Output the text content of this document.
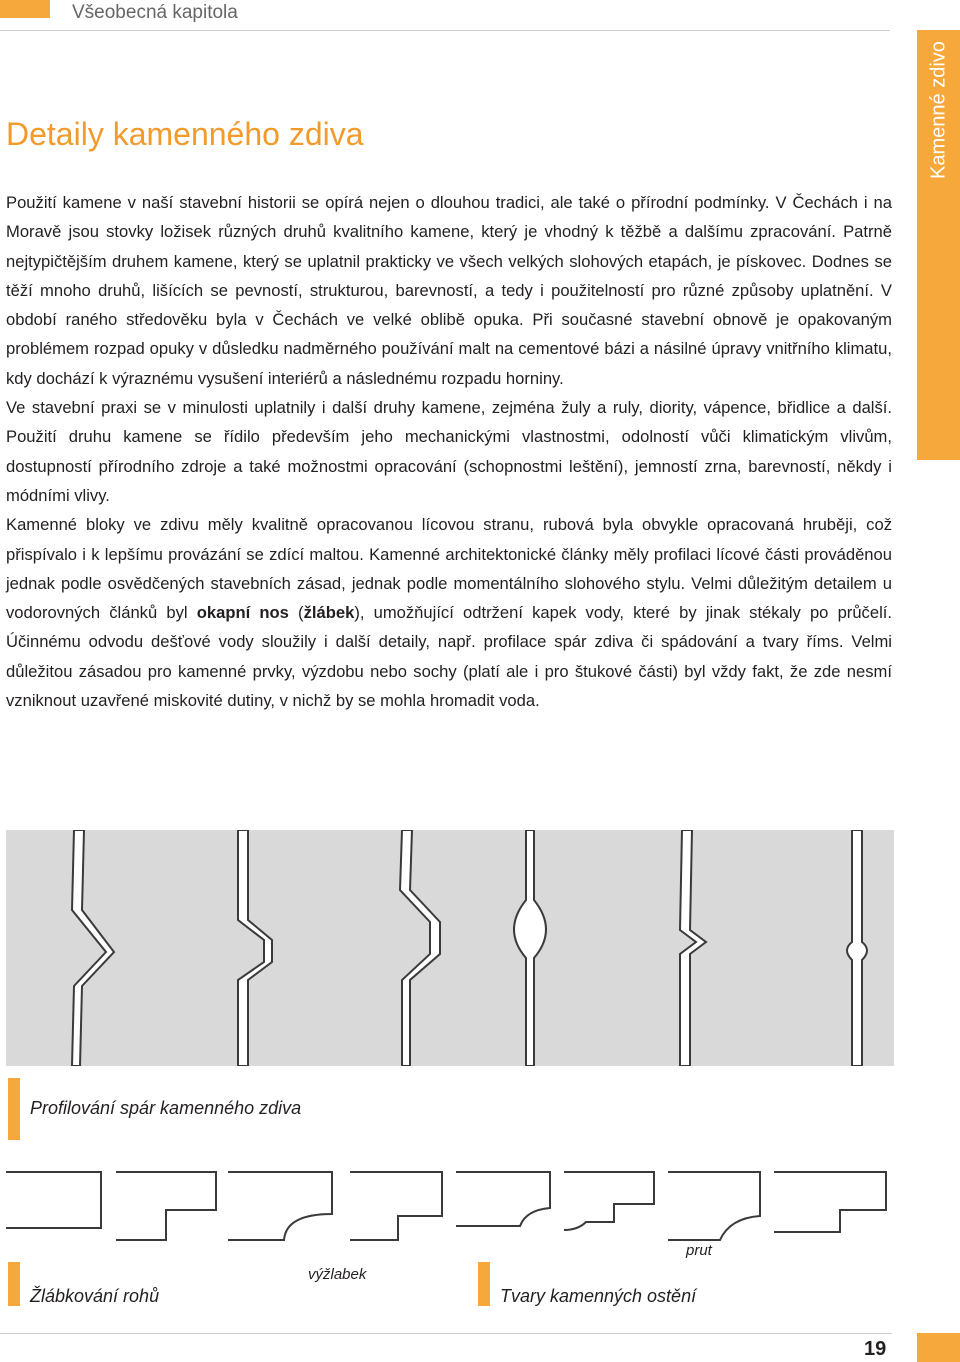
Všeobecná kapitola
Kamenné zdivo
Detaily kamenného zdiva

Použití kamene v naší stavební historii se opírá nejen o dlouhou tradici, ale také o přírodní podmínky. V Čechách i na Moravě jsou stovky ložisek různých druhů kvalitního kamene, který je vhodný k těžbě a dalšímu zpracování. Patrně nejtypičtějším druhem kamene, který se uplatnil prakticky ve všech velkých slohových etapách, je pískovec. Dodnes se těží mnoho druhů, lišících se pevností, strukturou, barevností, a tedy i použitelností pro různé způsoby uplatnění. V období raného středověku byla v Čechách ve velké oblibě opuka. Při současné stavební obnově je opakovaným problémem rozpad opuky v důsledku nadměrného používání malt na cementové bázi a násilné úpravy vnitřního klimatu, kdy dochází k výraznému vysušení interiérů a následnému rozpadu horniny.

Ve stavební praxi se v minulosti uplatnily i další druhy kamene, zejména žuly a ruly, diority, vápence, břidlice a další. Použití druhu kamene se řídilo především jeho mechanickými vlastnostmi, odolností vůči klimatickým vlivům, dostupností přírodního zdroje a také možnostmi opracování (schopnostmi leštění), jemností zrna, barevností, někdy i módními vlivy.

Kamenné bloky ve zdivu měly kvalitně opracovanou lícovou stranu, rubová byla obvykle opracovaná hruběji, což přispívalo i k lepšímu provázání se zdící maltou. Kamenné architektonické články měly profilaci lícové části prováděnou jednak podle osvědčených stavebních zásad, jednak podle momentálního slohového stylu. Velmi důležitým detailem u vodorovných článků byl okapní nos (žlábek), umožňující odtržení kapek vody, které by jinak stékaly po průčelí. Účinnému odvodu dešťové vody sloužily i další detaily, např. profilace spár zdiva či spádování a tvary říms. Velmi důležitou zásadou pro kamenné prvky, výzdobu nebo sochy (platí ale i pro štukové části) byl vždy fakt, že zde nesmí vzniknout uzavřené miskovité dutiny, v nichž by se mohla hromadit voda.

Profilování spár kamenného zdiva
Žlábkování rohů
výžlabek
prut
Tvary kamenných ostění
19
